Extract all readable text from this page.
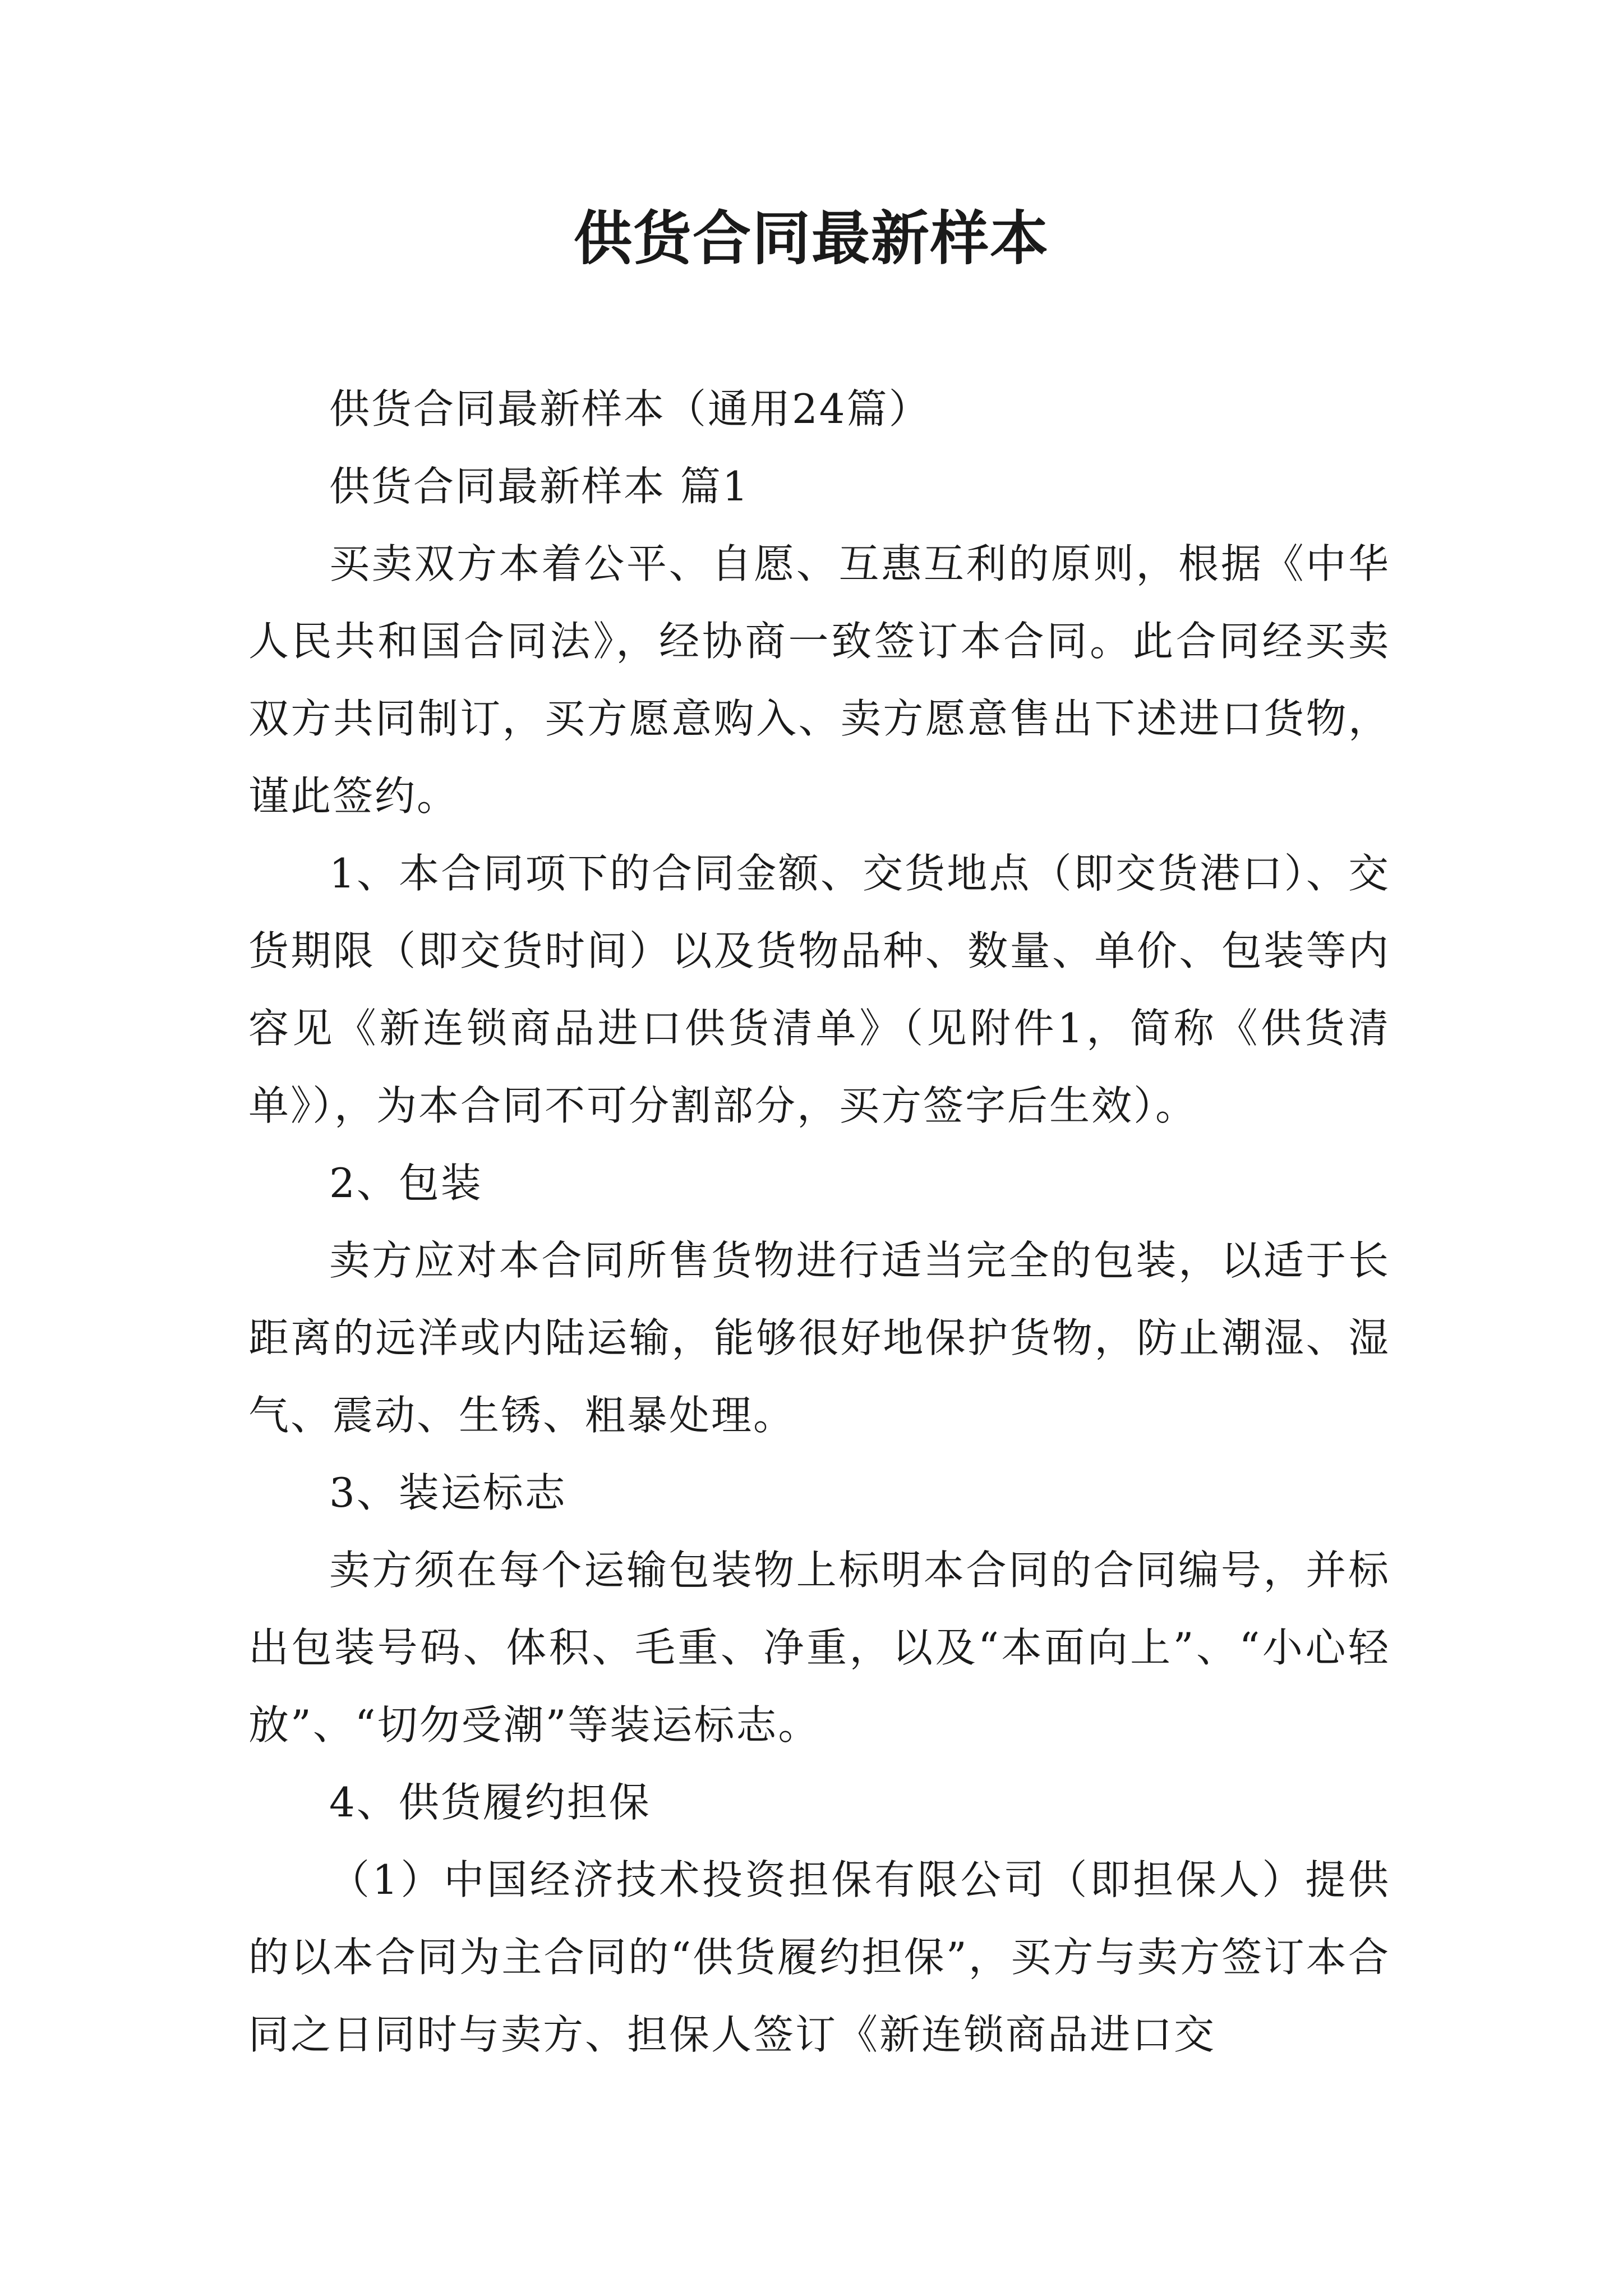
供货合同最新样本

供货合同最新样本（通用24篇）

供货合同最新样本 篇1

买卖双方本着公平、自愿、互惠互利的原则，根据《中华人民共和国合同法》，经协商一致签订本合同。此合同经买卖双方共同制订，买方愿意购入、卖方愿意售出下述进口货物，谨此签约。

1、本合同项下的合同金额、交货地点（即交货港口）、交货期限（即交货时间）以及货物品种、数量、单价、包装等内容见《新连锁商品进口供货清单》（见附件1，简称《供货清单》），为本合同不可分割部分，买方签字后生效）。

2、包装

卖方应对本合同所售货物进行适当完全的包装，以适于长距离的远洋或内陆运输，能够很好地保护货物，防止潮湿、湿气、震动、生锈、粗暴处理。

3、装运标志

卖方须在每个运输包装物上标明本合同的合同编号，并标出包装号码、体积、毛重、净重，以及“本面向上”、“小心轻放”、“切勿受潮”等装运标志。

4、供货履约担保

（1）中国经济技术投资担保有限公司（即担保人）提供的以本合同为主合同的“供货履约担保”，买方与卖方签订本合同之日同时与卖方、担保人签订《新连锁商品进口交
